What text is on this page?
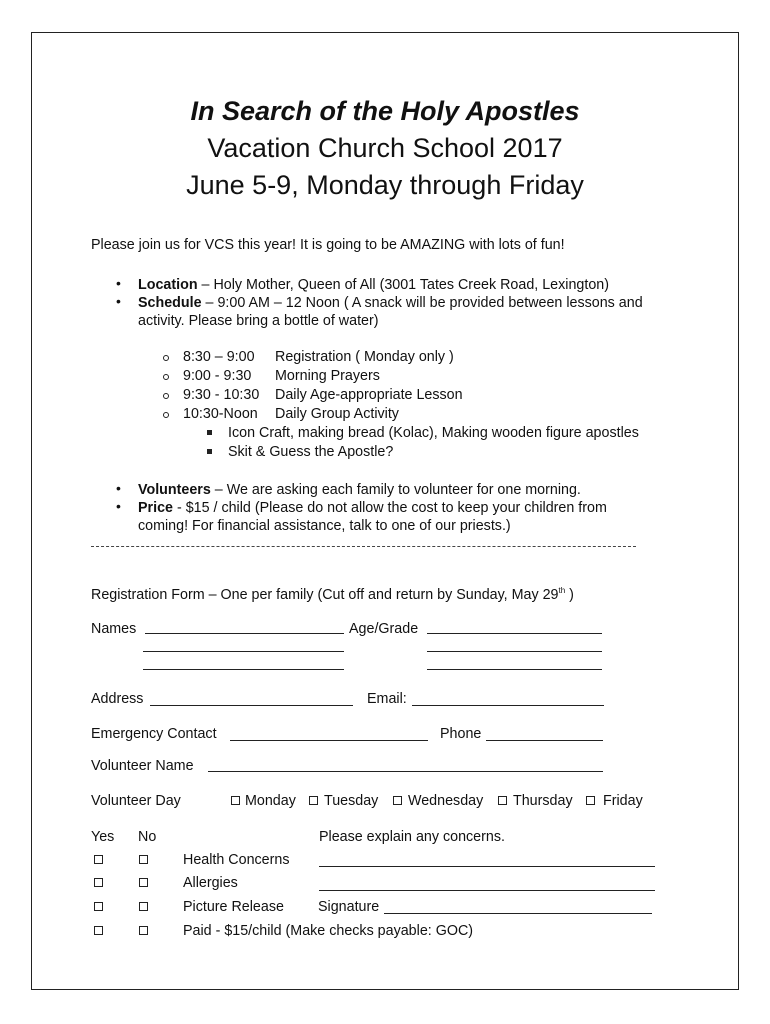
In Search of the Holy Apostles
Vacation Church School 2017
June 5-9, Monday through Friday
Please join us for VCS this year! It is going to be AMAZING with lots of fun!
• Location – Holy Mother, Queen of All (3001 Tates Creek Road, Lexington)
• Schedule – 9:00 AM – 12 Noon ( A snack will be provided between lessons and
activity. Please bring a bottle of water)
8:30 – 9:00 Registration ( Monday only )
9:00 - 9:30 Morning Prayers
9:30 - 10:30 Daily Age-appropriate Lesson
10:30-Noon Daily Group Activity
Icon Craft, making bread (Kolac), Making wooden figure apostles
Skit & Guess the Apostle?
• Volunteers – We are asking each family to volunteer for one morning.
• Price - $15 / child (Please do not allow the cost to keep your children from
coming! For financial assistance, talk to one of our priests.)
Registration Form – One per family (Cut off and return by Sunday, May 29th )
Names	Age/Grade
Address	Email:
Emergency Contact	Phone
Volunteer Name
Volunteer Day	Monday Tuesday Wednesday Thursday Friday
Yes No	Please explain any concerns.
Health Concerns
Allergies
Picture Release Signature
Paid - $15/child (Make checks payable: GOC)
